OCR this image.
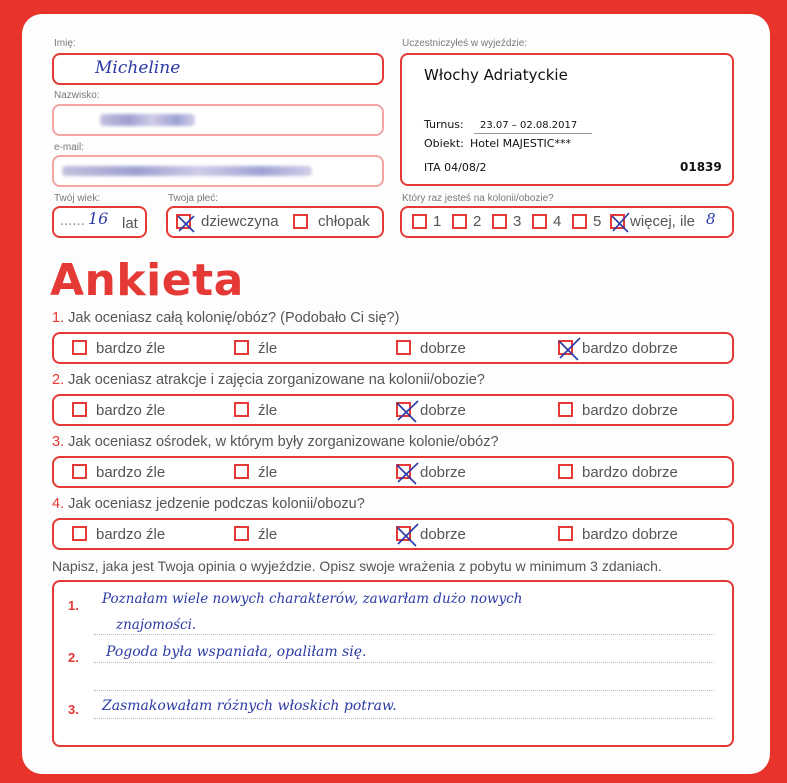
Imię:
Micheline
Nazwisko:
e-mail:
Twój wiek:
...... 16 lat
Twoja płeć:
dziewczyna	chłopak
Uczestniczyłeś w wyjeździe:
Włochy Adriatyckie
Turnus: 23.07 – 02.08.2017
Obiekt: Hotel MAJESTIC***
ITA 04/08/2	01839
Który raz jesteś na kolonii/obozie?
1 2 3 4 5 więcej, ile 8
Ankieta
1. Jak oceniasz całą kolonię/obóz? (Podobało Ci się?)
bardzo źle	źle	dobrze	bardzo dobrze
2. Jak oceniasz atrakcje i zajęcia zorganizowane na kolonii/obozie?
bardzo źle	źle	dobrze	bardzo dobrze
3. Jak oceniasz ośrodek, w którym były zorganizowane kolonie/obóz?
bardzo źle	źle	dobrze	bardzo dobrze
4. Jak oceniasz jedzenie podczas kolonii/obozu?
bardzo źle	źle	dobrze	bardzo dobrze
Napisz, jaka jest Twoja opinia o wyjeździe. Opisz swoje wrażenia z pobytu w minimum 3 zdaniach.
1. Poznałam wiele nowych charakterów, zawarłam dużo nowych
znajomości.
2. Pogoda była wspaniała, opaliłam się.
3. Zasmakowałam różnych włoskich potraw.
